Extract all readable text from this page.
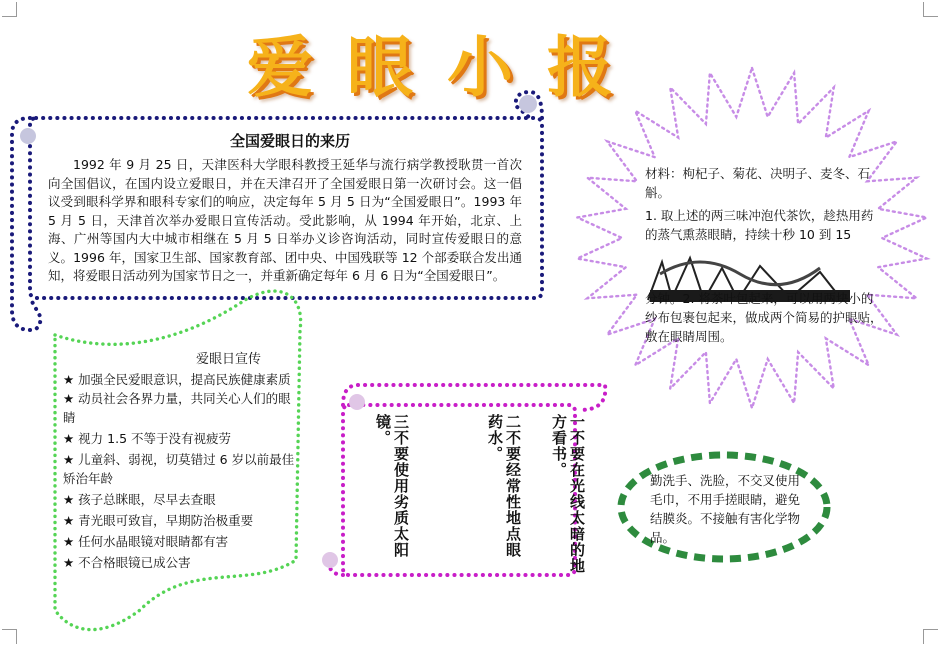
爱 眼 小 报
全国爱眼日的来历
1992 年 9 月 25 日，天津医科大学眼科教授王延华与流行病学教授耿贯一首次向全国倡议，在国内设立爱眼日，并在天津召开了全国爱眼日第一次研讨会。这一倡议受到眼科学界和眼科专家们的响应，决定每年 5 月 5 日为“全国爱眼日”。1993 年 5 月 5 日，天津首次举办爱眼日宣传活动。受此影响，从 1994 年开始，北京、上海、广州等国内大中城市相继在 5 月 5 日举办义诊咨询活动，同时宣传爱眼日的意义。1996 年，国家卫生部、国家教育部、团中央、中国残联等 12 个部委联合发出通知，将爱眼日活动列为国家节日之一，并重新确定每年 6 月 6 日为“全国爱眼日”。
爱眼日宣传
★ 加强全民爱眼意识，提高民族健康素质
★ 动员社会各界力量，共同关心人们的眼睛
★ 视力 1.5 不等于没有视疲劳
★ 儿童斜、弱视，切莫错过 6 岁以前最佳矫治年龄
★ 孩子总眯眼，尽早去查眼
★ 青光眼可致盲，早期防治极重要
★ 任何水晶眼镜对眼睛都有害
★ 不合格眼镜已成公害	一不要在光线太暗的地方看书。
二不要经常性地点眼药水。
三不要使用劣质太阳镜。
材料：枸杞子、菊花、决明子、麦冬、石斛。
1. 取上述的两三味冲泡代茶饮，趁热用药的蒸气熏蒸眼睛，持续十秒 10 到 15
分钟。2. 将茶叶包起来，可以用两块小的纱布包裹包起来，做成两个简易的护眼贴，敷在眼睛周围。
勤洗手、洗脸，不交叉使用毛巾，不用手搓眼睛，避免结膜炎。不接触有害化学物品。
